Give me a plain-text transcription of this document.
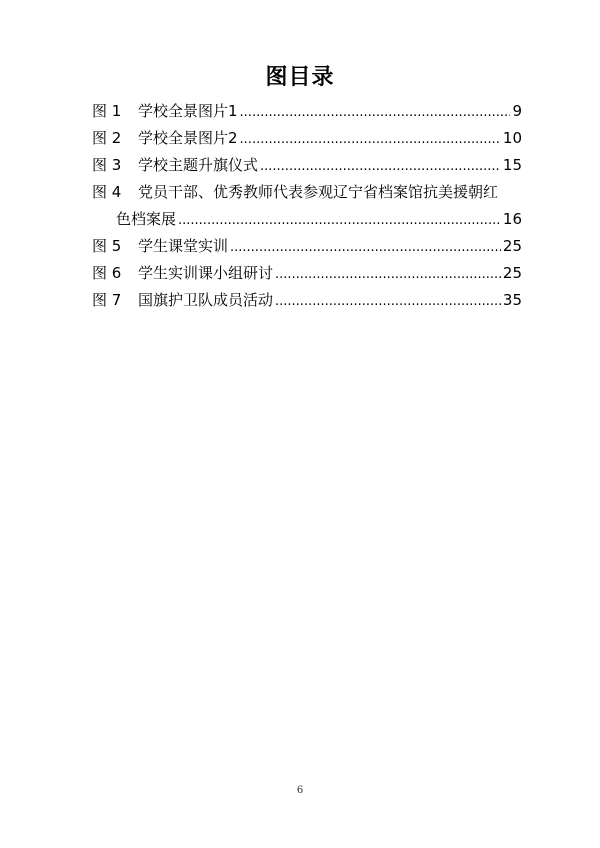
图目录
图 1	学校全景图片1 .....	9
图 2	学校全景图片2 .....	10
图 3	学校主题升旗仪式 .....	15
图 4	党员干部、优秀教师代表参观辽宁省档案馆抗美援朝红
色档案展 .....	16
图 5	学生课堂实训 .....	25
图 6	学生实训课小组研讨 .....	25
图 7	国旗护卫队成员活动 .....	35
6
